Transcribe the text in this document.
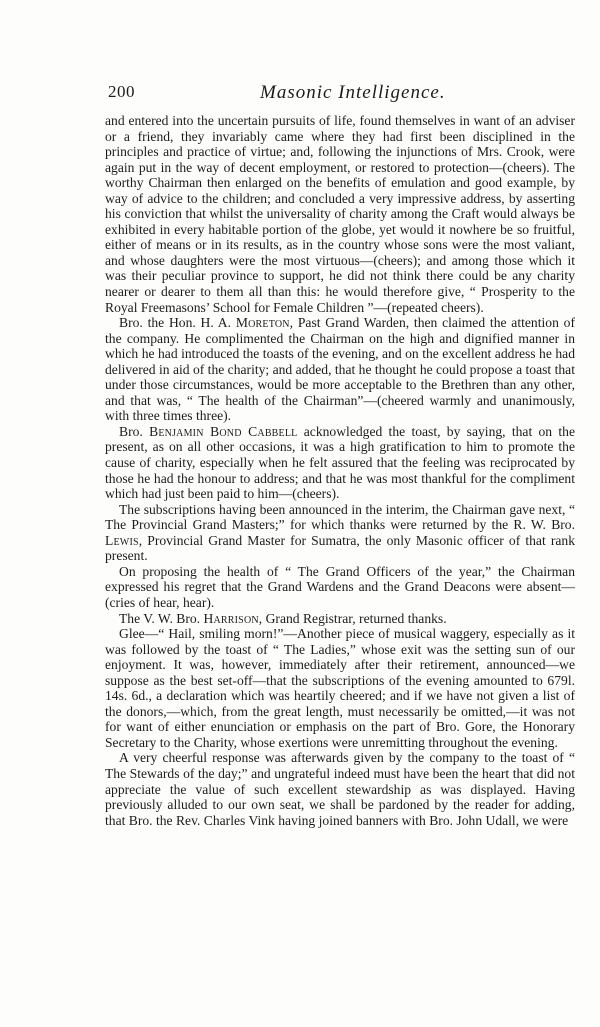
200	Masonic Intelligence.

and entered into the uncertain pursuits of life, found themselves in want of an adviser or a friend, they invariably came where they had first been disciplined in the principles and practice of virtue; and, following the injunctions of Mrs. Crook, were again put in the way of decent employment, or restored to protection—(cheers). The worthy Chairman then enlarged on the benefits of emulation and good example, by way of advice to the children; and concluded a very impressive address, by asserting his conviction that whilst the universality of charity among the Craft would always be exhibited in every habitable portion of the globe, yet would it nowhere be so fruitful, either of means or in its results, as in the country whose sons were the most valiant, and whose daughters were the most virtuous—(cheers); and among those which it was their peculiar province to support, he did not think there could be any charity nearer or dearer to them all than this: he would therefore give, “ Prosperity to the Royal Freemasons’ School for Female Children ”—(repeated cheers).

Bro. the Hon. H. A. Moreton, Past Grand Warden, then claimed the attention of the company. He complimented the Chairman on the high and dignified manner in which he had introduced the toasts of the evening, and on the excellent address he had delivered in aid of the charity; and added, that he thought he could propose a toast that under those circumstances, would be more acceptable to the Brethren than any other, and that was, “ The health of the Chairman”—(cheered warmly and unanimously, with three times three).

Bro. Benjamin Bond Cabbell acknowledged the toast, by saying, that on the present, as on all other occasions, it was a high gratification to him to promote the cause of charity, especially when he felt assured that the feeling was reciprocated by those he had the honour to address; and that he was most thankful for the compliment which had just been paid to him—(cheers).

The subscriptions having been announced in the interim, the Chairman gave next, “ The Provincial Grand Masters;” for which thanks were returned by the R. W. Bro. Lewis, Provincial Grand Master for Sumatra, the only Masonic officer of that rank present.

On proposing the health of “ The Grand Officers of the year,” the Chairman expressed his regret that the Grand Wardens and the Grand Deacons were absent—(cries of hear, hear).

The V. W. Bro. Harrison, Grand Registrar, returned thanks.

Glee—“ Hail, smiling morn!”—Another piece of musical waggery, especially as it was followed by the toast of “ The Ladies,” whose exit was the setting sun of our enjoyment. It was, however, immediately after their retirement, announced—we suppose as the best set-off—that the subscriptions of the evening amounted to 679l. 14s. 6d., a declaration which was heartily cheered; and if we have not given a list of the donors,—which, from the great length, must necessarily be omitted,—it was not for want of either enunciation or emphasis on the part of Bro. Gore, the Honorary Secretary to the Charity, whose exertions were unremitting throughout the evening.

A very cheerful response was afterwards given by the company to the toast of “ The Stewards of the day;” and ungrateful indeed must have been the heart that did not appreciate the value of such excellent stewardship as was displayed. Having previously alluded to our own seat, we shall be pardoned by the reader for adding, that Bro. the Rev. Charles Vink having joined banners with Bro. John Udall, we were
